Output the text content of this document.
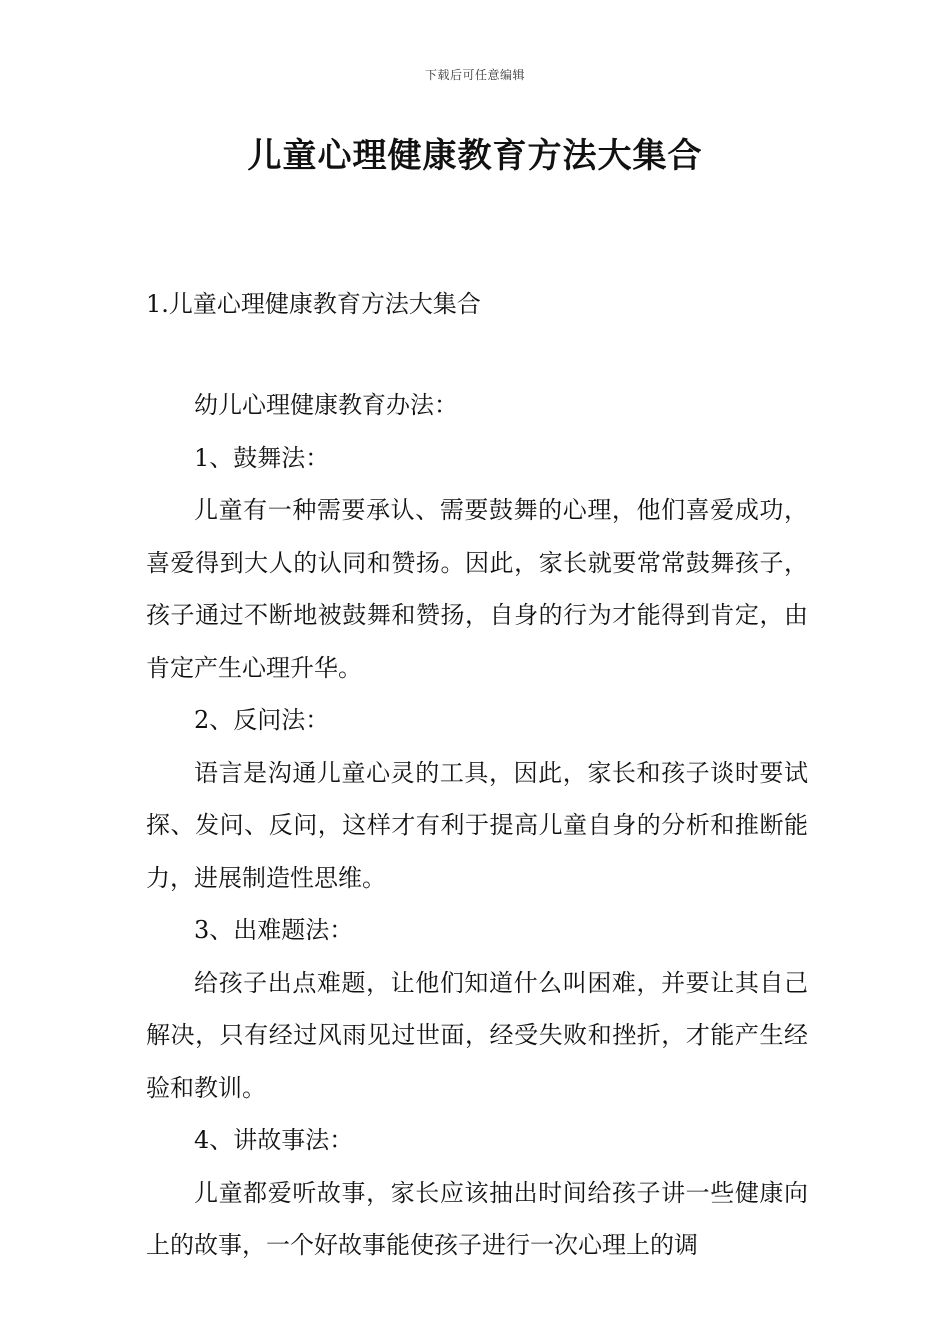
下载后可任意编辑
儿童心理健康教育方法大集合
1.儿童心理健康教育方法大集合

幼儿心理健康教育办法：

1、鼓舞法：

儿童有一种需要承认、需要鼓舞的心理，他们喜爱成功，喜爱得到大人的认同和赞扬。因此，家长就要常常鼓舞孩子，孩子通过不断地被鼓舞和赞扬，自身的行为才能得到肯定，由肯定产生心理升华。

2、反问法：

语言是沟通儿童心灵的工具，因此，家长和孩子谈时要试探、发问、反问，这样才有利于提高儿童自身的分析和推断能力，进展制造性思维。

3、出难题法：

给孩子出点难题，让他们知道什么叫困难，并要让其自己解决，只有经过风雨见过世面，经受失败和挫折，才能产生经验和教训。

4、讲故事法：

儿童都爱听故事，家长应该抽出时间给孩子讲一些健康向上的故事，一个好故事能使孩子进行一次心理上的调
